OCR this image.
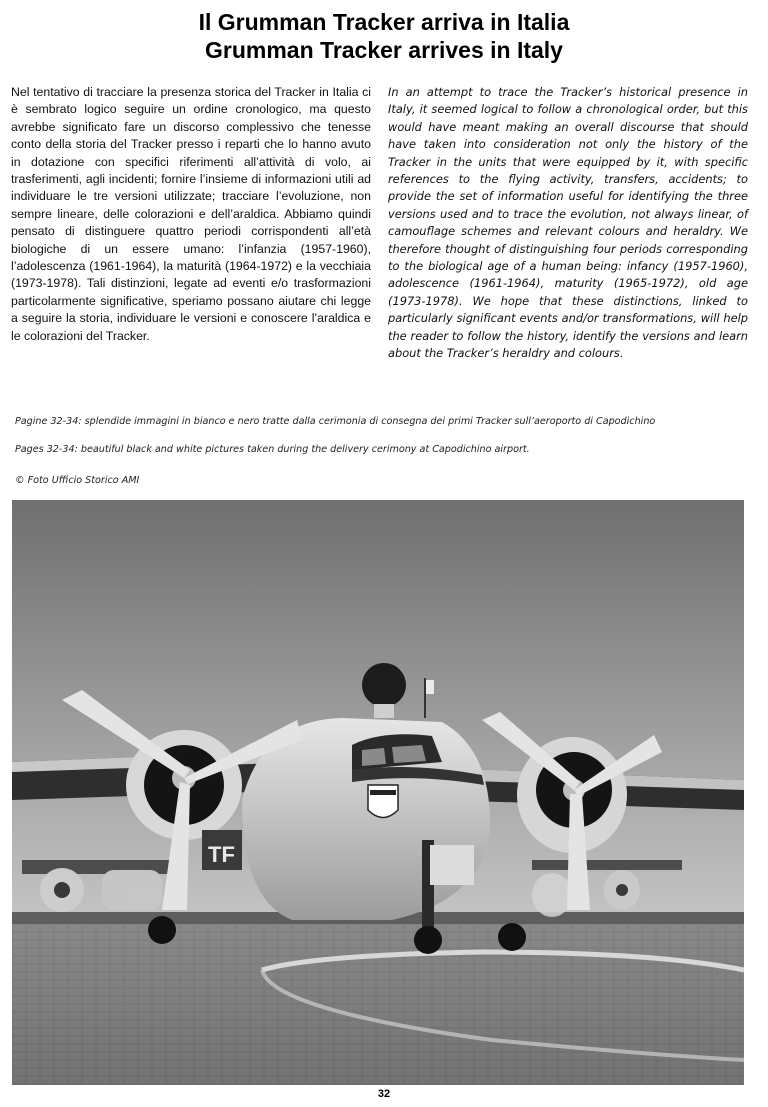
Il Grumman Tracker arriva in Italia
Grumman Tracker arrives in Italy

Nel tentativo di tracciare la presenza storica del Tracker in Italia ci è sembrato logico seguire un ordine cronologico, ma questo avrebbe significato fare un discorso complessivo che tenesse conto della storia del Tracker presso i reparti che lo hanno avuto in dotazione con specifici riferimenti all’attività di volo, ai trasferimenti, agli incidenti; fornire l’insieme di informazioni utili ad individuare le tre versioni utilizzate; tracciare l’evoluzione, non sempre lineare, delle colorazioni e dell’araldica. Abbiamo quindi pensato di distinguere quattro periodi corrispondenti all’età biologiche di un essere umano: l’infanzia (1957-1960), l’adolescenza (1961-1964), la maturità (1964-1972) e la vecchiaia (1973-1978). Tali distinzioni, legate ad eventi e/o trasformazioni particolarmente significative, speriamo possano aiutare chi legge a seguire la storia, individuare le versioni e conoscere l’araldica e le colorazioni del Tracker.

In an attempt to trace the Tracker’s historical presence in Italy, it seemed logical to follow a chronological order, but this would have meant making an overall discourse that should have taken into consideration not only the history of the Tracker in the units that were equipped by it, with specific references to the flying activity, transfers, accidents; to provide the set of information useful for identifying the three versions used and to trace the evolution, not always linear, of camouflage schemes and relevant colours and heraldry. We therefore thought of distinguishing four periods corresponding to the biological age of a human being: infancy (1957-1960), adolescence (1961-1964), maturity (1965-1972), old age (1973-1978). We hope that these distinctions, linked to particularly significant events and/or transformations, will help the reader to follow the history, identify the versions and learn about the Tracker’s heraldry and colours.

Pagine 32-34: splendide immagini in bianco e nero tratte dalla cerimonia di consegna dei primi Tracker sull’aeroporto di Capodichino
Pages 32-34: beautiful black and white pictures taken during the delivery cerimony at Capodichino airport.
© Foto Ufficio Storico AMI
TF
32
